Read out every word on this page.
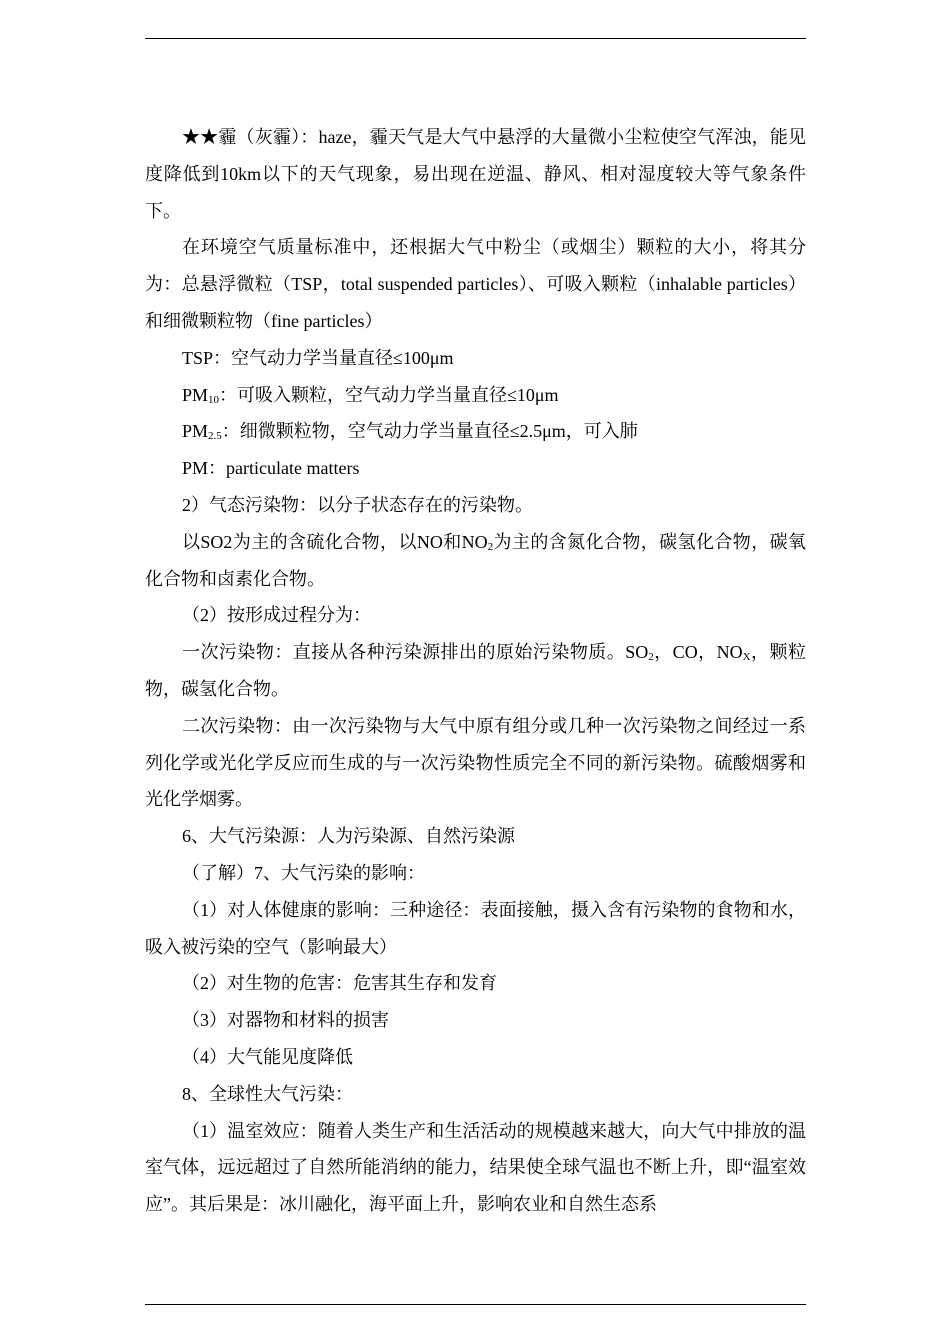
★★霾（灰霾）：haze，霾天气是大气中悬浮的大量微小尘粒使空气浑浊，能见度降低到10km以下的天气现象，易出现在逆温、静风、相对湿度较大等气象条件下。

在环境空气质量标准中，还根据大气中粉尘（或烟尘）颗粒的大小，将其分为：总悬浮微粒（TSP，total suspended particles）、可吸入颗粒（inhalable particles）和细微颗粒物（fine particles）

TSP：空气动力学当量直径≤100μm

$PM_{10}$：可吸入颗粒，空气动力学当量直径≤10μm

$PM_{2.5}$：细微颗粒物，空气动力学当量直径≤2.5μm，可入肺

PM：particulate matters

2）气态污染物：以分子状态存在的污染物。

以SO2为主的含硫化合物，以NO和$NO_2$为主的含氮化合物，碳氢化合物，碳氧化合物和卤素化合物。

（2）按形成过程分为：

一次污染物：直接从各种污染源排出的原始污染物质。$SO_2$，CO，$NO_X$，颗粒物，碳氢化合物。

二次污染物：由一次污染物与大气中原有组分或几种一次污染物之间经过一系列化学或光化学反应而生成的与一次污染物性质完全不同的新污染物。硫酸烟雾和光化学烟雾。

6、大气污染源：人为污染源、自然污染源

（了解）7、大气污染的影响：

（1）对人体健康的影响：三种途径：表面接触，摄入含有污染物的食物和水，吸入被污染的空气（影响最大）

（2）对生物的危害：危害其生存和发育

（3）对器物和材料的损害

（4）大气能见度降低

8、全球性大气污染：

（1）温室效应：随着人类生产和生活活动的规模越来越大，向大气中排放的温室气体，远远超过了自然所能消纳的能力，结果使全球气温也不断上升，即“温室效应”。其后果是：冰川融化，海平面上升，影响农业和自然生态系
